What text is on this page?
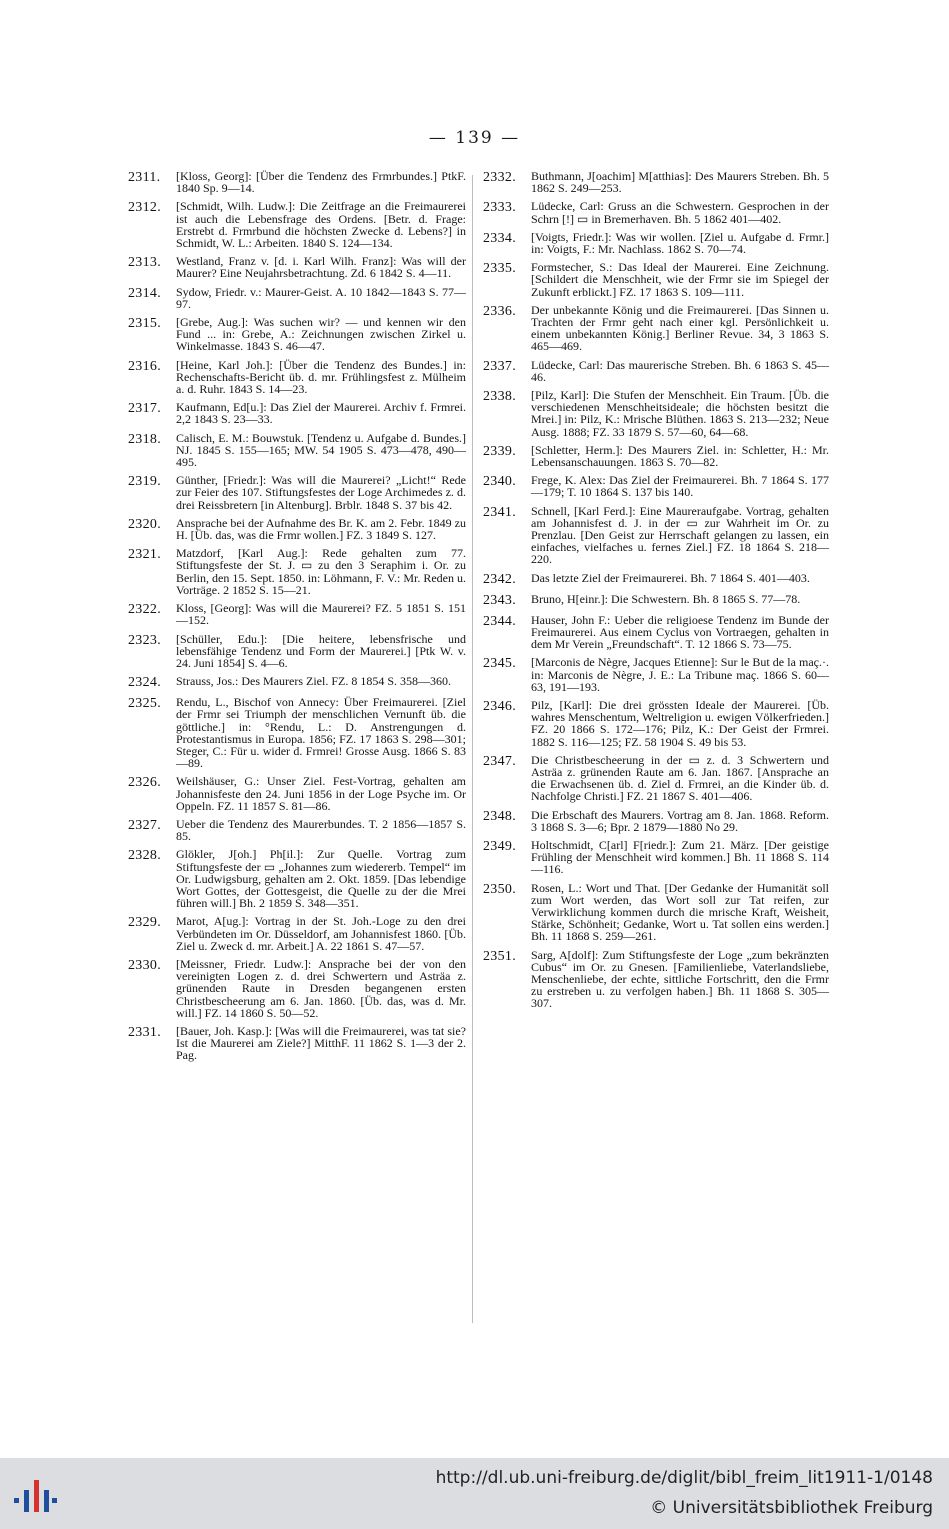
— 139 —
2311.	[Kloss, Georg]: [Über die Tendenz des Frmrbundes.] PtkF. 1840 Sp. 9—14.
2312.	[Schmidt, Wilh. Ludw.]: Die Zeitfrage an die Freimaurerei ist auch die Lebensfrage des Ordens. [Betr. d. Frage: Erstrebt d. Frmrbund die höchsten Zwecke d. Lebens?] in Schmidt, W. L.: Arbeiten. 1840 S. 124—134.
2313.	Westland, Franz v. [d. i. Karl Wilh. Franz]: Was will der Maurer? Eine Neujahrsbetrachtung. Zd. 6 1842 S. 4—11.
2314.	Sydow, Friedr. v.: Maurer-Geist. A. 10 1842—1843 S. 77—97.
2315.	[Grebe, Aug.]: Was suchen wir? — und kennen wir den Fund ... in: Grebe, A.: Zeichnungen zwischen Zirkel u. Winkelmasse. 1843 S. 46—47.
2316.	[Heine, Karl Joh.]: [Über die Tendenz des Bundes.] in: Rechenschafts-Bericht üb. d. mr. Frühlingsfest z. Mülheim a. d. Ruhr. 1843 S. 14—23.
2317.	Kaufmann, Ed[u.]: Das Ziel der Maurerei. Archiv f. Frmrei. 2,2 1843 S. 23—33.
2318.	Calisch, E. M.: Bouwstuk. [Tendenz u. Aufgabe d. Bundes.] NJ. 1845 S. 155—165; MW. 54 1905 S. 473—478, 490—495.
2319.	Günther, [Friedr.]: Was will die Maurerei? „Licht!“ Rede zur Feier des 107. Stiftungsfestes der Loge Archimedes z. d. drei Reissbretern [in Altenburg]. Brblr. 1848 S. 37 bis 42.
2320.	Ansprache bei der Aufnahme des Br. K. am 2. Febr. 1849 zu H. [Üb. das, was die Frmr wollen.] FZ. 3 1849 S. 127.
2321.	Matzdorf, [Karl Aug.]: Rede gehalten zum 77. Stiftungsfeste der St. J. ▭ zu den 3 Seraphim i. Or. zu Berlin, den 15. Sept. 1850. in: Löhmann, F. V.: Mr. Reden u. Vorträge. 2 1852 S. 15—21.
2322.	Kloss, [Georg]: Was will die Maurerei? FZ. 5 1851 S. 151—152.
2323.	[Schüller, Edu.]: [Die heitere, lebensfrische und lebensfähige Tendenz und Form der Maurerei.] [Ptk W. v. 24. Juni 1854] S. 4—6.
2324.	Strauss, Jos.: Des Maurers Ziel. FZ. 8 1854 S. 358—360.
2325.	Rendu, L., Bischof von Annecy: Über Freimaurerei. [Ziel der Frmr sei Triumph der menschlichen Vernunft üb. die göttliche.] in: °Rendu, L.: D. Anstrengungen d. Protestantismus in Europa. 1856; FZ. 17 1863 S. 298—301; Steger, C.: Für u. wider d. Frmrei! Grosse Ausg. 1866 S. 83—89.
2326.	Weilshäuser, G.: Unser Ziel. Fest-Vortrag, gehalten am Johannisfeste den 24. Juni 1856 in der Loge Psyche im. Or Oppeln. FZ. 11 1857 S. 81—86.
2327.	Ueber die Tendenz des Maurerbundes. T. 2 1856—1857 S. 85.
2328.	Glökler, J[oh.] Ph[il.]: Zur Quelle. Vortrag zum Stiftungsfeste der ▭ „Johannes zum wiedererb. Tempel“ im Or. Ludwigsburg, gehalten am 2. Okt. 1859. [Das lebendige Wort Gottes, der Gottesgeist, die Quelle zu der die Mrei führen will.] Bh. 2 1859 S. 348—351.
2329.	Marot, A[ug.]: Vortrag in der St. Joh.-Loge zu den drei Verbündeten im Or. Düsseldorf, am Johannisfest 1860. [Üb. Ziel u. Zweck d. mr. Arbeit.] A. 22 1861 S. 47—57.
2330.	[Meissner, Friedr. Ludw.]: Ansprache bei der von den vereinigten Logen z. d. drei Schwertern und Asträa z. grünenden Raute in Dresden begangenen ersten Christbescheerung am 6. Jan. 1860. [Üb. das, was d. Mr. will.] FZ. 14 1860 S. 50—52.
2331.	[Bauer, Joh. Kasp.]: [Was will die Freimaurerei, was tat sie? Ist die Maurerei am Ziele?] MitthF. 11 1862 S. 1—3 der 2. Pag.
2332.	Buthmann, J[oachim] M[atthias]: Des Maurers Streben. Bh. 5 1862 S. 249—253.
2333.	Lüdecke, Carl: Gruss an die Schwestern. Gesprochen in der Schrn [!] ▭ in Bremerhaven. Bh. 5 1862 401—402.
2334.	[Voigts, Friedr.]: Was wir wollen. [Ziel u. Aufgabe d. Frmr.] in: Voigts, F.: Mr. Nachlass. 1862 S. 70—74.
2335.	Formstecher, S.: Das Ideal der Maurerei. Eine Zeichnung. [Schildert die Menschheit, wie der Frmr sie im Spiegel der Zukunft erblickt.] FZ. 17 1863 S. 109—111.
2336.	Der unbekannte König und die Freimaurerei. [Das Sinnen u. Trachten der Frmr geht nach einer kgl. Persönlichkeit u. einem unbekannten König.] Berliner Revue. 34, 3 1863 S. 465—469.
2337.	Lüdecke, Carl: Das maurerische Streben. Bh. 6 1863 S. 45—46.
2338.	[Pilz, Karl]: Die Stufen der Menschheit. Ein Traum. [Üb. die verschiedenen Menschheitsideale; die höchsten besitzt die Mrei.] in: Pilz, K.: Mrische Blüthen. 1863 S. 213—232; Neue Ausg. 1888; FZ. 33 1879 S. 57—60, 64—68.
2339.	[Schletter, Herm.]: Des Maurers Ziel. in: Schletter, H.: Mr. Lebensanschauungen. 1863 S. 70—82.
2340.	Frege, K. Alex: Das Ziel der Freimaurerei. Bh. 7 1864 S. 177—179; T. 10 1864 S. 137 bis 140.
2341.	Schnell, [Karl Ferd.]: Eine Maureraufgabe. Vortrag, gehalten am Johannisfest d. J. in der ▭ zur Wahrheit im Or. zu Prenzlau. [Den Geist zur Herrschaft gelangen zu lassen, ein einfaches, vielfaches u. fernes Ziel.] FZ. 18 1864 S. 218—220.
2342.	Das letzte Ziel der Freimaurerei. Bh. 7 1864 S. 401—403.
2343.	Bruno, H[einr.]: Die Schwestern. Bh. 8 1865 S. 77—78.
2344.	Hauser, John F.: Ueber die religioese Tendenz im Bunde der Freimaurerei. Aus einem Cyclus von Vortraegen, gehalten in dem Mr Verein „Freundschaft“. T. 12 1866 S. 73—75.
2345.	[Marconis de Nègre, Jacques Etienne]: Sur le But de la maç.·. in: Marconis de Nègre, J. E.: La Tribune maç. 1866 S. 60—63, 191—193.
2346.	Pilz, [Karl]: Die drei grössten Ideale der Maurerei. [Üb. wahres Menschentum, Weltreligion u. ewigen Völkerfrieden.] FZ. 20 1866 S. 172—176; Pilz, K.: Der Geist der Frmrei. 1882 S. 116—125; FZ. 58 1904 S. 49 bis 53.
2347.	Die Christbescheerung in der ▭ z. d. 3 Schwertern und Asträa z. grünenden Raute am 6. Jan. 1867. [Ansprache an die Erwachsenen üb. d. Ziel d. Frmrei, an die Kinder üb. d. Nachfolge Christi.] FZ. 21 1867 S. 401—406.
2348.	Die Erbschaft des Maurers. Vortrag am 8. Jan. 1868. Reform. 3 1868 S. 3—6; Bpr. 2 1879—1880 No 29.
2349.	Holtschmidt, C[arl] F[riedr.]: Zum 21. März. [Der geistige Frühling der Menschheit wird kommen.] Bh. 11 1868 S. 114—116.
2350.	Rosen, L.: Wort und That. [Der Gedanke der Humanität soll zum Wort werden, das Wort soll zur Tat reifen, zur Verwirklichung kommen durch die mrische Kraft, Weisheit, Stärke, Schönheit; Gedanke, Wort u. Tat sollen eins werden.] Bh. 11 1868 S. 259—261.
2351.	Sarg, A[dolf]: Zum Stiftungsfeste der Loge „zum bekränzten Cubus“ im Or. zu Gnesen. [Familienliebe, Vaterlandsliebe, Menschenliebe, der echte, sittliche Fortschritt, den die Frmr zu erstreben u. zu verfolgen haben.] Bh. 11 1868 S. 305—307.
http://dl.ub.uni-freiburg.de/diglit/bibl_freim_lit1911-1/0148
© Universitätsbibliothek Freiburg
